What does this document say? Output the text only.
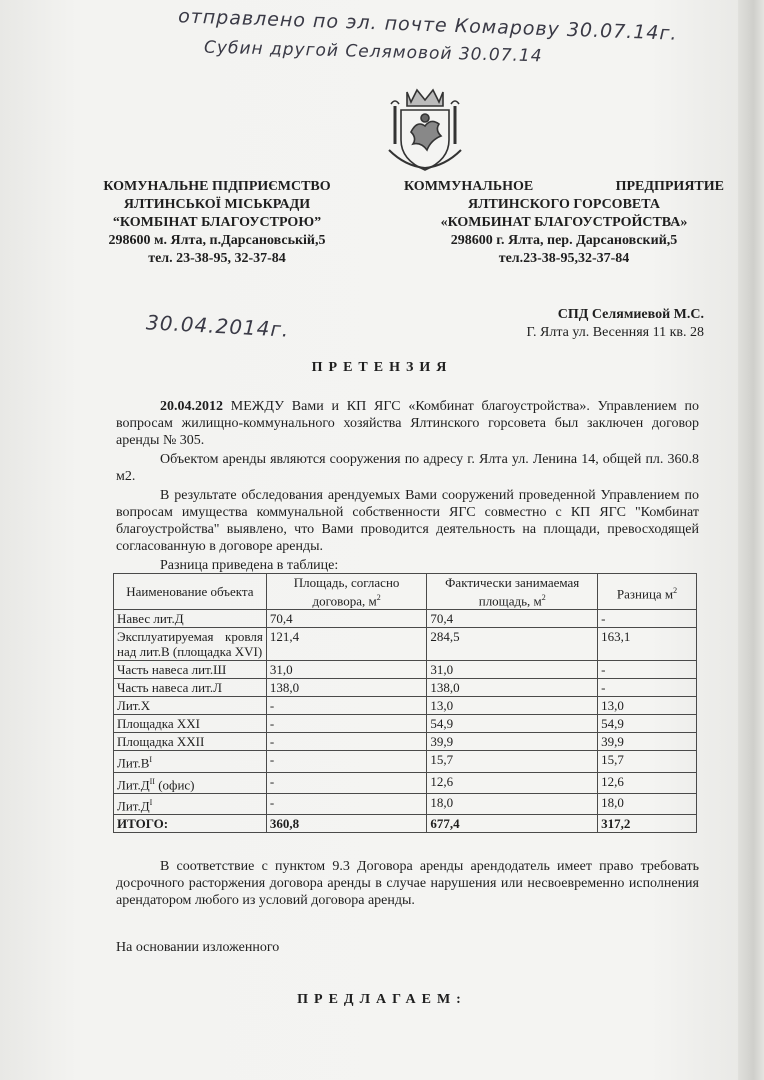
отправлено по эл. почте Комарову 30.07.14г.
Субин другой Селямовой 30.07.14
30.04.2014г.
КОМУНАЛЬНЕ ПІДПРИЄМСТВО
ЯЛТИНСЬКОЇ МІСЬКРАДИ
“КОМБІНАТ БЛАГОУСТРОЮ”
298600 м. Ялта, п.Дарсановськiй,5
тел. 23-38-95, 32-37-84
КОММУНАЛЬНОЕ	ПРЕДПРИЯТИЕ
ЯЛТИНСКОГО ГОРСОВЕТА
«КОМБИНАТ БЛАГОУСТРОЙСТВА»
298600 г. Ялта, пер. Дарсановский,5
тел.23-38-95,32-37-84
СПД Селямиевой М.С.
Г. Ялта ул. Весенняя 11 кв. 28
ПРЕТЕНЗИЯ

20.04.2012 МЕЖДУ Вами и КП ЯГС «Комбинат благоустройства». Управлением по вопросам жилищно-коммунального хозяйства Ялтинского горсовета был заключен договор аренды № 305.

Объектом аренды являются сооружения по адресу г. Ялта ул. Ленина 14, общей пл. 360.8 м2.

В результате обследования арендуемых Вами сооружений проведенной Управлением по вопросам имущества коммунальной собственности ЯГС совместно с КП ЯГС "Комбинат благоустройства" выявлено, что Вами проводится деятельность на площади, превосходящей согласованную в договоре аренды.

Разница приведена в таблице:

Наименование объекта	Площадь, согласно договора, $м^2$	Фактически занимаемая площадь, $м^2$	Разница $м^2$
Навес лит.Д	70,4	70,4	-
Эксплуатируемая кровля над лит.В (площадка XVI)	121,4	284,5	163,1
Часть навеса лит.Ш	31,0	31,0	-
Часть навеса лит.Л	138,0	138,0	-
Лит.Х	-	13,0	13,0
Площадка XXI	-	54,9	54,9
Площадка XXII	-	39,9	39,9
$Лит.В^I$	-	15,7	15,7
$Лит.Д^{II}$ (офис)	-	12,6	12,6
$Лит.Д^I$	-	18,0	18,0
ИТОГО:	360,8	677,4	317,2

В соответствие с пунктом 9.3 Договора аренды арендодатель имеет право требовать досрочного расторжения договора аренды в случае нарушения или несвоевременно исполнения арендатором любого из условий договора аренды.

На основании изложенного

ПРЕДЛАГАЕМ:
